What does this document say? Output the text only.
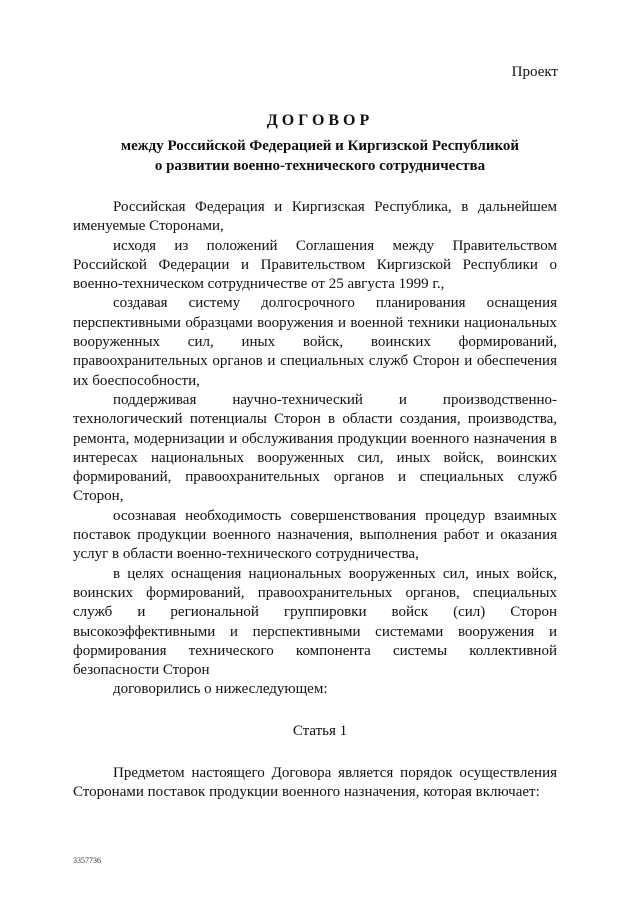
Проект
ДОГОВОР
между Российской Федерацией и Киргизской Республикой
о развитии военно-технического сотрудничества

Российская Федерация и Киргизская Республика, в дальнейшем именуемые Сторонами,

исходя из положений Соглашения между Правительством Российской Федерации и Правительством Киргизской Республики о военно-техническом сотрудничестве от 25 августа 1999 г.,

создавая систему долгосрочного планирования оснащения перспективными образцами вооружения и военной техники национальных вооруженных сил, иных войск, воинских формирований, правоохранительных органов и специальных служб Сторон и обеспечения их боеспособности,

поддерживая научно-технический и производственно-технологический потенциалы Сторон в области создания, производства, ремонта, модернизации и обслуживания продукции военного назначения в интересах национальных вооруженных сил, иных войск, воинских формирований, правоохранительных органов и специальных служб Сторон,

осознавая необходимость совершенствования процедур взаимных поставок продукции военного назначения, выполнения работ и оказания услуг в области военно-технического сотрудничества,

в целях оснащения национальных вооруженных сил, иных войск, воинских формирований, правоохранительных органов, специальных служб и региональной группировки войск (сил) Сторон высокоэффективными и перспективными системами вооружения и формирования технического компонента системы коллективной безопасности Сторон

договорились о нижеследующем:

Статья 1

Предметом настоящего Договора является порядок осуществления Сторонами поставок продукции военного назначения, которая включает:

3357736
